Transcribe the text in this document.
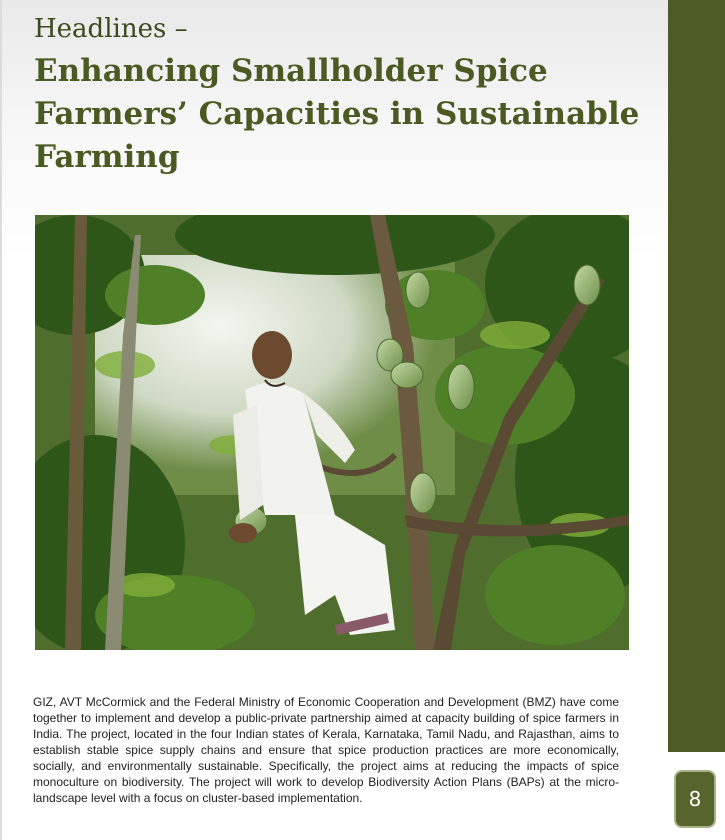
Headlines –
Enhancing Smallholder Spice Farmers’ Capacities in Sustainable Farming

GIZ, AVT McCormick and the Federal Ministry of Economic Cooperation and Development (BMZ) have come together to implement and develop a public-private partnership aimed at capacity building of spice farmers in India. The project, located in the four Indian states of Kerala, Karnataka, Tamil Nadu, and Rajasthan, aims to establish stable spice supply chains and ensure that spice production practices are more economically, socially, and environmentally sustainable. Specifically, the project aims at reducing the impacts of spice monoculture on biodiversity. The project will work to develop Biodiversity Action Plans (BAPs) at the micro-landscape level with a focus on cluster-based implementation.	8
